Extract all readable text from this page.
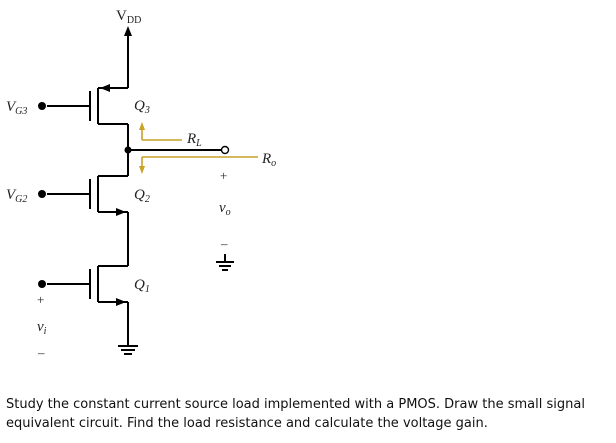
$V_{DD}$
$V_{G3}$	$Q_3$
$R_L$
$R_o$
+
$v_o$
–
$V_{G2}$	$Q_2$
$Q_1$
+
$v_i$
–

Study the constant current source load implemented with a PMOS. Draw the small signal equivalent circuit. Find the load resistance and calculate the voltage gain.
